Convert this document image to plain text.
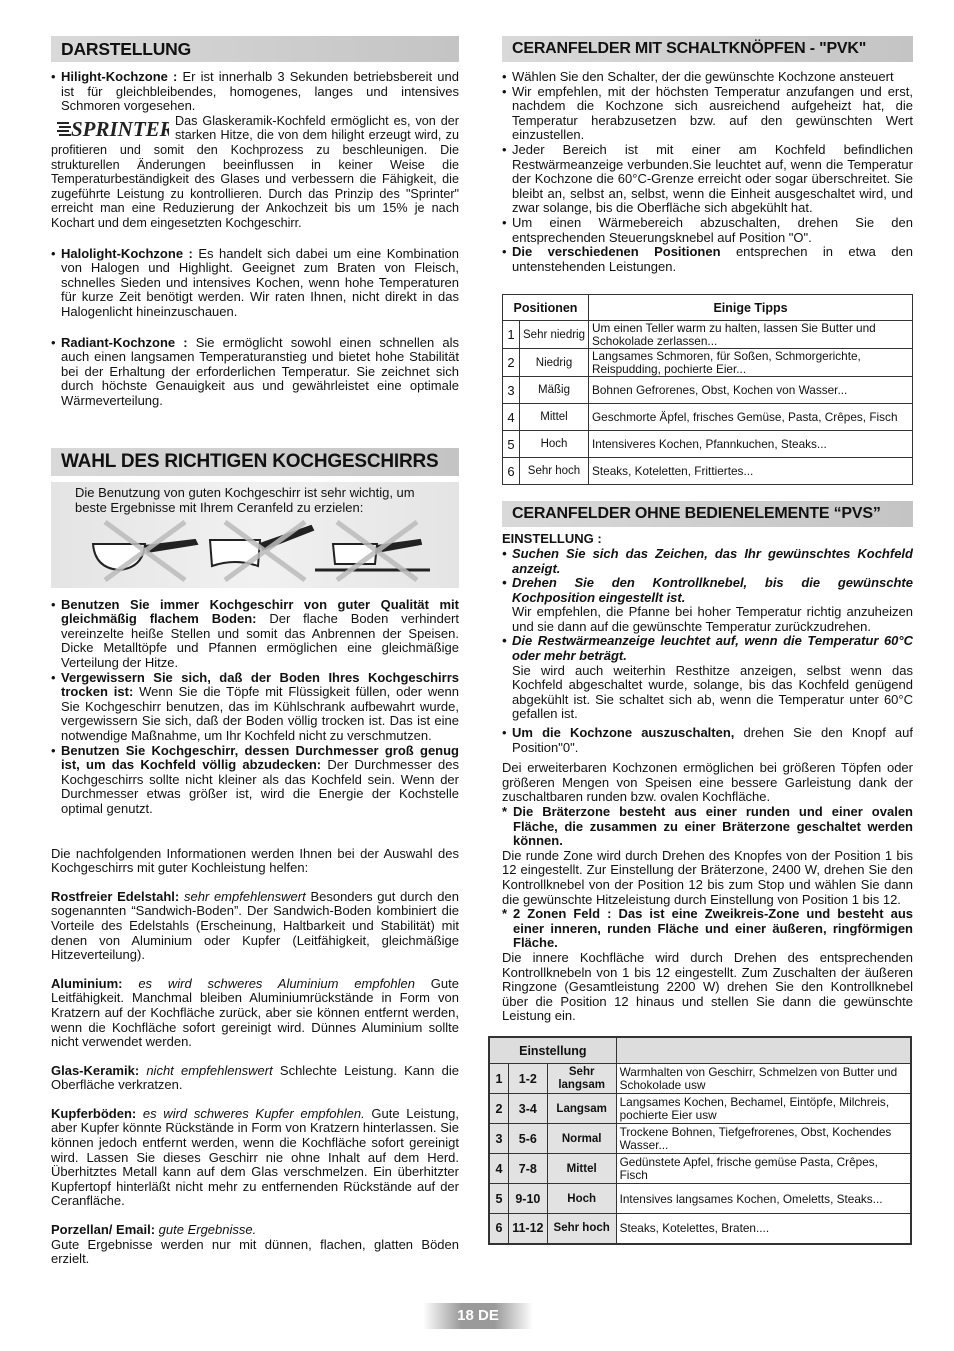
DARSTELLUNG

• Hilight-Kochzone : Er ist innerhalb 3 Sekunden betriebsbereit und ist für gleichbleibendes, homogenes, langes und intensives Schmoren vorgesehen.

SPRINTER Das Glaskeramik-Kochfeld ermöglicht es, von der starken Hitze, die von dem hilight erzeugt wird, zu profitieren und somit den Kochprozess zu beschleunigen. Die strukturellen Änderungen beeinflussen in keiner Weise die Temperaturbeständigkeit des Glases und verbessern die Fähigkeit, die zugeführte Leistung zu kontrollieren. Durch das Prinzip des "Sprinter" erreicht man eine Reduzierung der Ankochzeit bis um 15% je nach Kochart und dem eingesetzten Kochgeschirr.

• Halolight-Kochzone : Es handelt sich dabei um eine Kombination von Halogen und Highlight. Geeignet zum Braten von Fleisch, schnelles Sieden und intensives Kochen, wenn hohe Temperaturen für kurze Zeit benötigt werden. Wir raten Ihnen, nicht direkt in das Halogenlicht hineinzuschauen.

• Radiant-Kochzone : Sie ermöglicht sowohl einen schnellen als auch einen langsamen Temperaturanstieg und bietet hohe Stabilität bei der Erhaltung der erforderlichen Temperatur. Sie zeichnet sich durch höchste Genauigkeit aus und gewährleistet eine optimale Wärmeverteilung.

WAHL DES RICHTIGEN KOCHGESCHIRRS

Die Benutzung von guten Kochgeschirr ist sehr wichtig, um beste Ergebnisse mit Ihrem Ceranfeld zu erzielen:

• Benutzen Sie immer Kochgeschirr von guter Qualität mit gleichmäßig flachem Boden: Der flache Boden verhindert vereinzelte heiße Stellen und somit das Anbrennen der Speisen. Dicke Metalltöpfe und Pfannen ermöglichen eine gleichmäßige Verteilung der Hitze.

• Vergewissern Sie sich, daß der Boden Ihres Kochgeschirrs trocken ist: Wenn Sie die Töpfe mit Flüssigkeit füllen, oder wenn Sie Kochgeschirr benutzen, das im Kühlschrank aufbewahrt wurde, vergewissern Sie sich, daß der Boden völlig trocken ist. Das ist eine notwendige Maßnahme, um Ihr Kochfeld nicht zu verschmutzen.

• Benutzen Sie Kochgeschirr, dessen Durchmesser groß genug ist, um das Kochfeld völlig abzudecken: Der Durchmesser des Kochgeschirrs sollte nicht kleiner als das Kochfeld sein. Wenn der Durchmesser etwas größer ist, wird die Energie der Kochstelle optimal genutzt.

Die nachfolgenden Informationen werden Ihnen bei der Auswahl des Kochgeschirrs mit guter Kochleistung helfen:

Rostfreier Edelstahl: sehr empfehlenswert Besonders gut durch den sogenannten “Sandwich-Boden”. Der Sandwich-Boden kombiniert die Vorteile des Edelstahls (Erscheinung, Haltbarkeit und Stabilität) mit denen von Aluminium oder Kupfer (Leitfähigkeit, gleichmäßige Hitzeverteilung).

Aluminium: es wird schweres Aluminium empfohlen Gute Leitfähigkeit. Manchmal bleiben Aluminiumrückstände in Form von Kratzern auf der Kochfläche zurück, aber sie können entfernt werden, wenn die Kochfläche sofort gereinigt wird. Dünnes Aluminium sollte nicht verwendet werden.

Glas-Keramik: nicht empfehlenswert Schlechte Leistung. Kann die Oberfläche verkratzen.

Kupferböden: es wird schweres Kupfer empfohlen. Gute Leistung, aber Kupfer könnte Rückstände in Form von Kratzern hinterlassen. Sie können jedoch entfernt werden, wenn die Kochfläche sofort gereinigt wird. Lassen Sie dieses Geschirr nie ohne Inhalt auf dem Herd. Überhitztes Metall kann auf dem Glas verschmelzen. Ein überhitzter Kupfertopf hinterläßt nicht mehr zu entfernenden Rückstände auf der Ceranfläche.

Porzellan/ Email: gute Ergebnisse.

Gute Ergebnisse werden nur mit dünnen, flachen, glatten Böden erzielt.

CERANFELDER MIT SCHALTKNÖPFEN - "PVK"

• Wählen Sie den Schalter, der die gewünschte Kochzone ansteuert

• Wir empfehlen, mit der höchsten Temperatur anzufangen und erst, nachdem die Kochzone sich ausreichend aufgeheizt hat, die Temperatur herabzusetzen bzw. auf den gewünschten Wert einzustellen.

• Jeder Bereich ist mit einer am Kochfeld befindlichen Restwärmeanzeige verbunden.Sie leuchtet auf, wenn die Temperatur der Kochzone die 60°C-Grenze erreicht oder sogar überschreitet. Sie bleibt an, selbst an, selbst, wenn die Einheit ausgeschaltet wird, und zwar solange, bis die Oberfläche sich abgekühlt hat.

• Um einen Wärmebereich abzuschalten, drehen Sie den entsprechenden Steuerungsknebel auf Position "O".

• Die verschiedenen Positionen entsprechen in etwa den untenstehenden Leistungen.

Positionen		Einige Tipps
1	Sehr niedrig	Um einen Teller warm zu halten, lassen Sie Butter und Schokolade zerlassen...
2	Niedrig	Langsames Schmoren, für Soßen, Schmorgerichte, Reispudding, pochierte Eier...
3	Mäßig	Bohnen Gefrorenes, Obst, Kochen von Wasser...
4	Mittel	Geschmorte Äpfel, frisches Gemüse, Pasta, Crêpes, Fisch
5	Hoch	Intensiveres Kochen, Pfannkuchen, Steaks...
6	Sehr hoch	Steaks, Koteletten, Frittiertes...
CERANFELDER OHNE BEDIENELEMENTE “PVS”

EINSTELLUNG :

• Suchen Sie sich das Zeichen, das Ihr gewünschtes Kochfeld anzeigt.

• Drehen Sie den Kontrollknebel, bis die gewünschte Kochposition eingestellt ist.

Wir empfehlen, die Pfanne bei hoher Temperatur richtig anzuheizen und sie dann auf die gewünschte Temperatur zurückzudrehen.

• Die Restwärmeanzeige leuchtet auf, wenn die Temperatur 60°C oder mehr beträgt.

Sie wird auch weiterhin Resthitze anzeigen, selbst wenn das Kochfeld abgeschaltet wurde, solange, bis das Kochfeld genügend abgekühlt ist. Sie schaltet sich ab, wenn die Temperatur unter 60°C gefallen ist.

• Um die Kochzone auszuschalten, drehen Sie den Knopf auf Position"0".

Dei erweiterbaren Kochzonen ermöglichen bei größeren Töpfen oder größeren Mengen von Speisen eine bessere Garleistung dank der zuschaltbaren runden bzw. ovalen Kochfläche.

* Die Bräterzone besteht aus einer runden und einer ovalen Fläche, die zusammen zu einer Bräterzone geschaltet werden können.

Die runde Zone wird durch Drehen des Knopfes von der Position 1 bis 12 eingestellt. Zur Einstellung der Bräterzone, 2400 W, drehen Sie den Kontrollknebel von der Position 12 bis zum Stop und wählen Sie dann die gewünschte Hitzeleistung durch Einstellung von Position 1 bis 12.

* 2 Zonen Feld : Das ist eine Zweikreis-Zone und besteht aus einer inneren, runden Fläche und einer äußeren, ringförmigen Fläche.

Die innere Kochfläche wird durch Drehen des entsprechenden Kontrollknebeln von 1 bis 12 eingestellt. Zum Zuschalten der äußeren Ringzone (Gesamtleistung 2200 W) drehen Sie den Kontrollknebel über die Position 12 hinaus und stellen Sie dann die gewünschte Leistung ein.

Einstellung			
1	1-2	Sehr langsam	Warmhalten von Geschirr, Schmelzen von Butter und Schokolade usw
2	3-4	Langsam	Langsames Kochen, Bechamel, Eintöpfe, Milchreis, pochierte Eier usw
3	5-6	Normal	Trockene Bohnen, Tiefgefrorenes, Obst, Kochendes Wasser...
4	7-8	Mittel	Gedünstete Apfel, frische gemüse Pasta, Crêpes, Fisch
5	9-10	Hoch	Intensives langsames Kochen, Omeletts, Steaks...
6	11-12	Sehr hoch	Steaks, Kotelettes, Braten....
18 DE
